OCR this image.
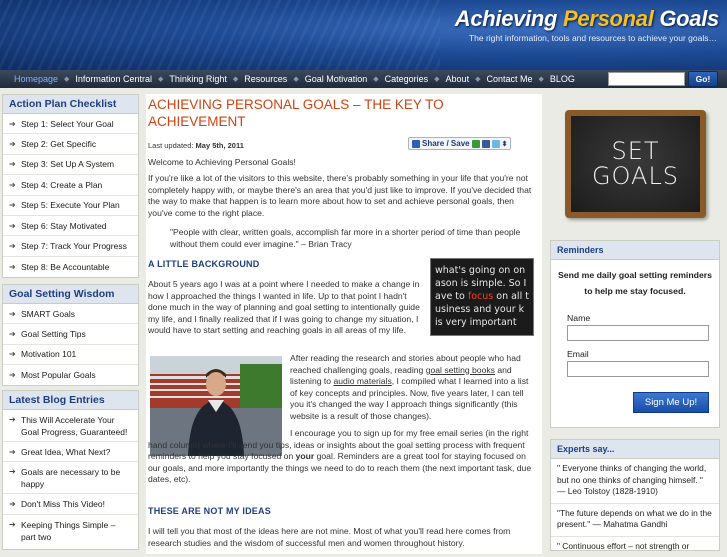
Achieving Personal Goals
The right information, tools and resources to achieve your goals…
Homepage ◆ Information Central ◆ Thinking Right ◆ Resources ◆ Goal Motivation ◆ Categories ◆ About ◆ Contact Me ◆ BLOG	Go!
Action Plan Checklist
➔ Step 1: Select Your Goal
➔ Step 2: Get Specific
➔ Step 3: Set Up A System
➔ Step 4: Create a Plan
➔ Step 5: Execute Your Plan
➔ Step 6: Stay Motivated
➔ Step 7: Track Your Progress
➔ Step 8: Be Accountable
Goal Setting Wisdom
➔ SMART Goals
➔ Goal Setting Tips
➔ Motivation 101
➔ Most Popular Goals
Latest Blog Entries
➔ This Will Accelerate Your Goal Progress, Guaranteed!
➔ Great Idea, What Next?
➔ Goals are necessary to be happy
➔ Don't Miss This Video!
➔ Keeping Things Simple – part two
ACHIEVING PERSONAL GOALS – THE KEY TO ACHIEVEMENT
Last updated: May 5th, 2011	Share / Save	⬍
Welcome to Achieving Personal Goals!
If you're like a lot of the visitors to this website, there's probably something in your life that you're not completely happy with, or maybe there's an area that you'd just like to improve. If you've decided that the way to make that happen is to learn more about how to set and achieve personal goals, then you've come to the right place.
"People with clear, written goals, accomplish far more in a shorter period of time than people without them could ever imagine." – Brian Tracy
A LITTLE BACKGROUND
About 5 years ago I was at a point where I needed to make a change in how I approached the things I wanted in life. Up to that point I hadn't done much in the way of planning and goal setting to intentionally guide my life, and I finally realized that if I was going to change my situation, I would have to start setting and reaching goals in all areas of my life.
what's going on on
ason is simple. So I
ave to focus on all t
usiness and your k
is very important
After reading the research and stories about people who had reached challenging goals, reading goal setting books and listening to audio materials, I compiled what I learned into a list of key concepts and principles. Now, five years later, I can tell you it's changed the way I approach things significantly (this website is a result of those changes).
I encourage you to sign up for my free email series (in the right hand column) where I'll send you tips, ideas or insights about the goal setting process with frequent reminders to help you stay focused on your goal. Reminders are a great tool for staying focused on our goals, and more importantly the things we need to do to reach them (the next important task, due dates, etc).
THESE ARE NOT MY IDEAS
I will tell you that most of the ideas here are not mine. Most of what you'll read here comes from research studies and the wisdom of successful men and women throughout history.
SET
GOALS
Reminders
Send me daily goal setting reminders to help me stay focused.
Name
Email
Sign Me Up!
Experts say...
" Everyone thinks of changing the world, but no one thinks of changing himself. " — Leo Tolstoy (1828-1910)
"The future depends on what we do in the present." — Mahatma Gandhi
" Continuous effort – not strength or
